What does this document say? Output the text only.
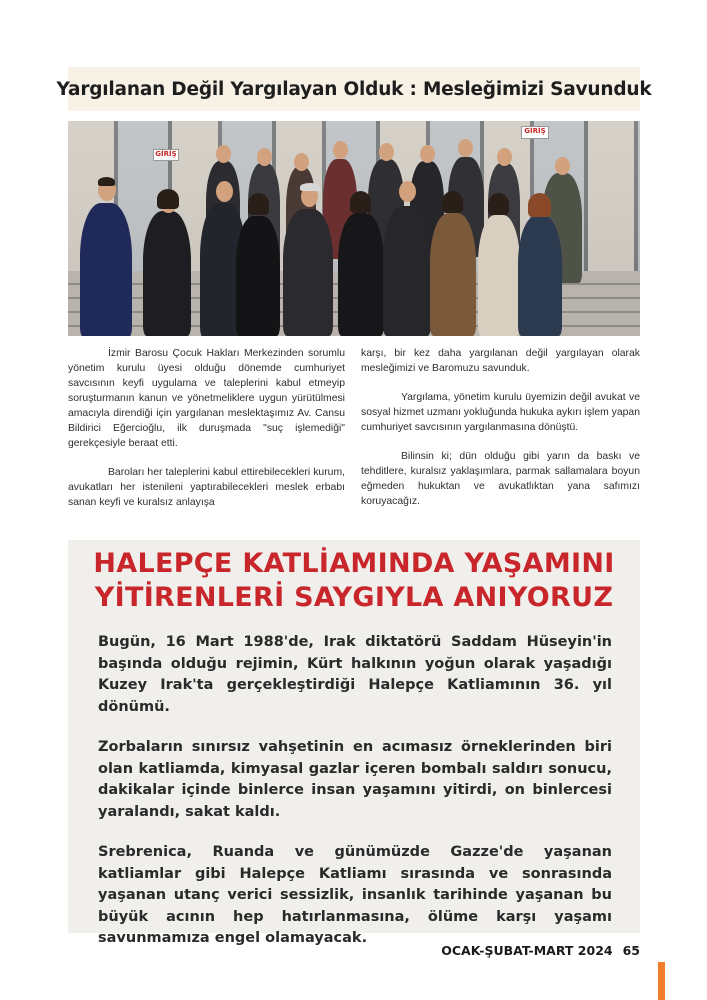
Yargılanan Değil Yargılayan Olduk : Mesleğimizi Savunduk
GİRİŞ
GİRİŞ

İzmir Barosu Çocuk Hakları Merkezinden sorumlu yönetim kurulu üyesi olduğu dönemde cumhuriyet savcısının keyfi uygulama ve taleplerini kabul etmeyip soruşturmanın kanun ve yönetmeliklere uygun yürütülmesi amacıyla direndiği için yargılanan meslektaşımız Av. Cansu Bildirici Eğercioğlu, ilk duruşmada "suç işlemediği" gerekçesiyle beraat etti.

Baroları her taleplerini kabul ettirebilecekleri kurum, avukatları her istenileni yaptırabilecekleri meslek erbabı sanan keyfi ve kuralsız anlayışa

karşı, bir kez daha yargılanan değil yargılayan olarak mesleğimizi ve Baromuzu savunduk.

Yargılama, yönetim kurulu üyemizin değil avukat ve sosyal hizmet uzmanı yokluğunda hukuka aykırı işlem yapan cumhuriyet savcısının yargılanmasına dönüştü.

Bilinsin ki; dün olduğu gibi yarın da baskı ve tehditlere, kuralsız yaklaşımlara, parmak sallamalara boyun eğmeden hukuktan ve avukatlıktan yana safımızı koruyacağız.

HALEPÇE KATLİAMINDA YAŞAMINI
YİTİRENLERİ SAYGIYLA ANIYORUZ

Bugün, 16 Mart 1988'de, Irak diktatörü Saddam Hüseyin'in başında olduğu rejimin, Kürt halkının yoğun olarak yaşadığı Kuzey Irak'ta gerçekleştirdiği Halepçe Katliamının 36. yıl dönümü.

Zorbaların sınırsız vahşetinin en acımasız örneklerinden biri olan katliamda, kimyasal gazlar içeren bombalı saldırı sonucu, dakikalar içinde binlerce insan yaşamını yitirdi, on binlercesi yaralandı, sakat kaldı.

Srebrenica, Ruanda ve günümüzde Gazze'de yaşanan katliamlar gibi Halepçe Katliamı sırasında ve sonrasında yaşanan utanç verici sessizlik, insanlık tarihinde yaşanan bu büyük acının hep hatırlanmasına, ölüme karşı yaşamı savunmamıza engel olamayacak.

OCAK-ŞUBAT-MART 2024 65
